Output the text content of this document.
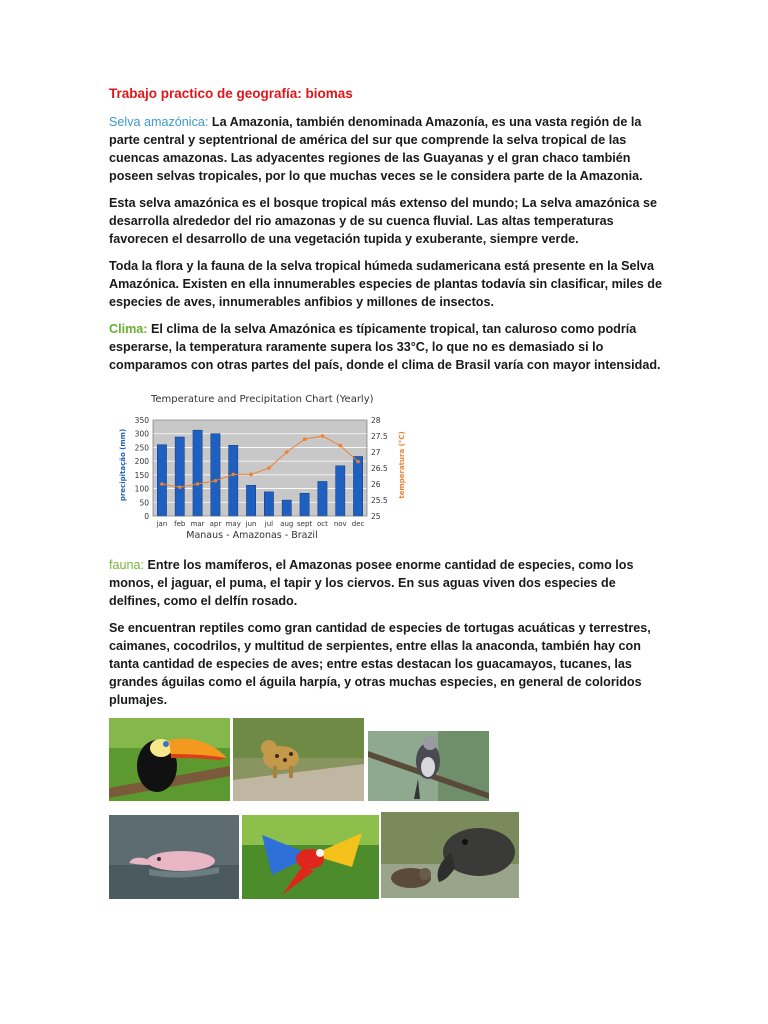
Trabajo practico de geografía: biomas

Selva amazónica: La Amazonia, también denominada Amazonía, es una vasta región de la parte central y septentrional de américa del sur que comprende la selva tropical de las cuencas amazonas. Las adyacentes regiones de las Guayanas y el gran chaco también poseen selvas tropicales, por lo que muchas veces se le considera parte de la Amazonia.

Esta selva amazónica es el bosque tropical más extenso del mundo; La selva amazónica se desarrolla alrededor del rio amazonas y de su cuenca fluvial. Las altas temperaturas favorecen el desarrollo de una vegetación tupida y exuberante, siempre verde.

Toda la flora y la fauna de la selva tropical húmeda sudamericana está presente en la Selva Amazónica. Existen en ella innumerables especies de plantas todavía sin clasificar, miles de especies de aves, innumerables anfibios y millones de insectos.

Clima: El clima de la selva Amazónica es típicamente tropical, tan caluroso como podría esperarse, la temperatura raramente supera los 33°C, lo que no es demasiado si lo comparamos con otras partes del país, donde el clima de Brasil varía con mayor intensidad.

Temperature and Precipitation Chart (Yearly)
0
50
100
150
200
250
300
350
25
25.5
26
26.5
27
27.5
28
jan feb mar apr may jun jul aug sept oct nov dec
precipitação (mm)	temperatura (°C)
Manaus - Amazonas - Brazil

fauna: Entre los mamíferos, el Amazonas posee enorme cantidad de especies, como los monos, el jaguar, el puma, el tapir y los ciervos. En sus aguas viven dos especies de delfines, como el delfín rosado.

Se encuentran reptiles como gran cantidad de especies de tortugas acuáticas y terrestres, caimanes, cocodrilos, y multitud de serpientes, entre ellas la anaconda, también hay con tanta cantidad de especies de aves; entre estas destacan los guacamayos, tucanes, las grandes águilas como el águila harpía, y otras muchas especies, en general de coloridos plumajes.
